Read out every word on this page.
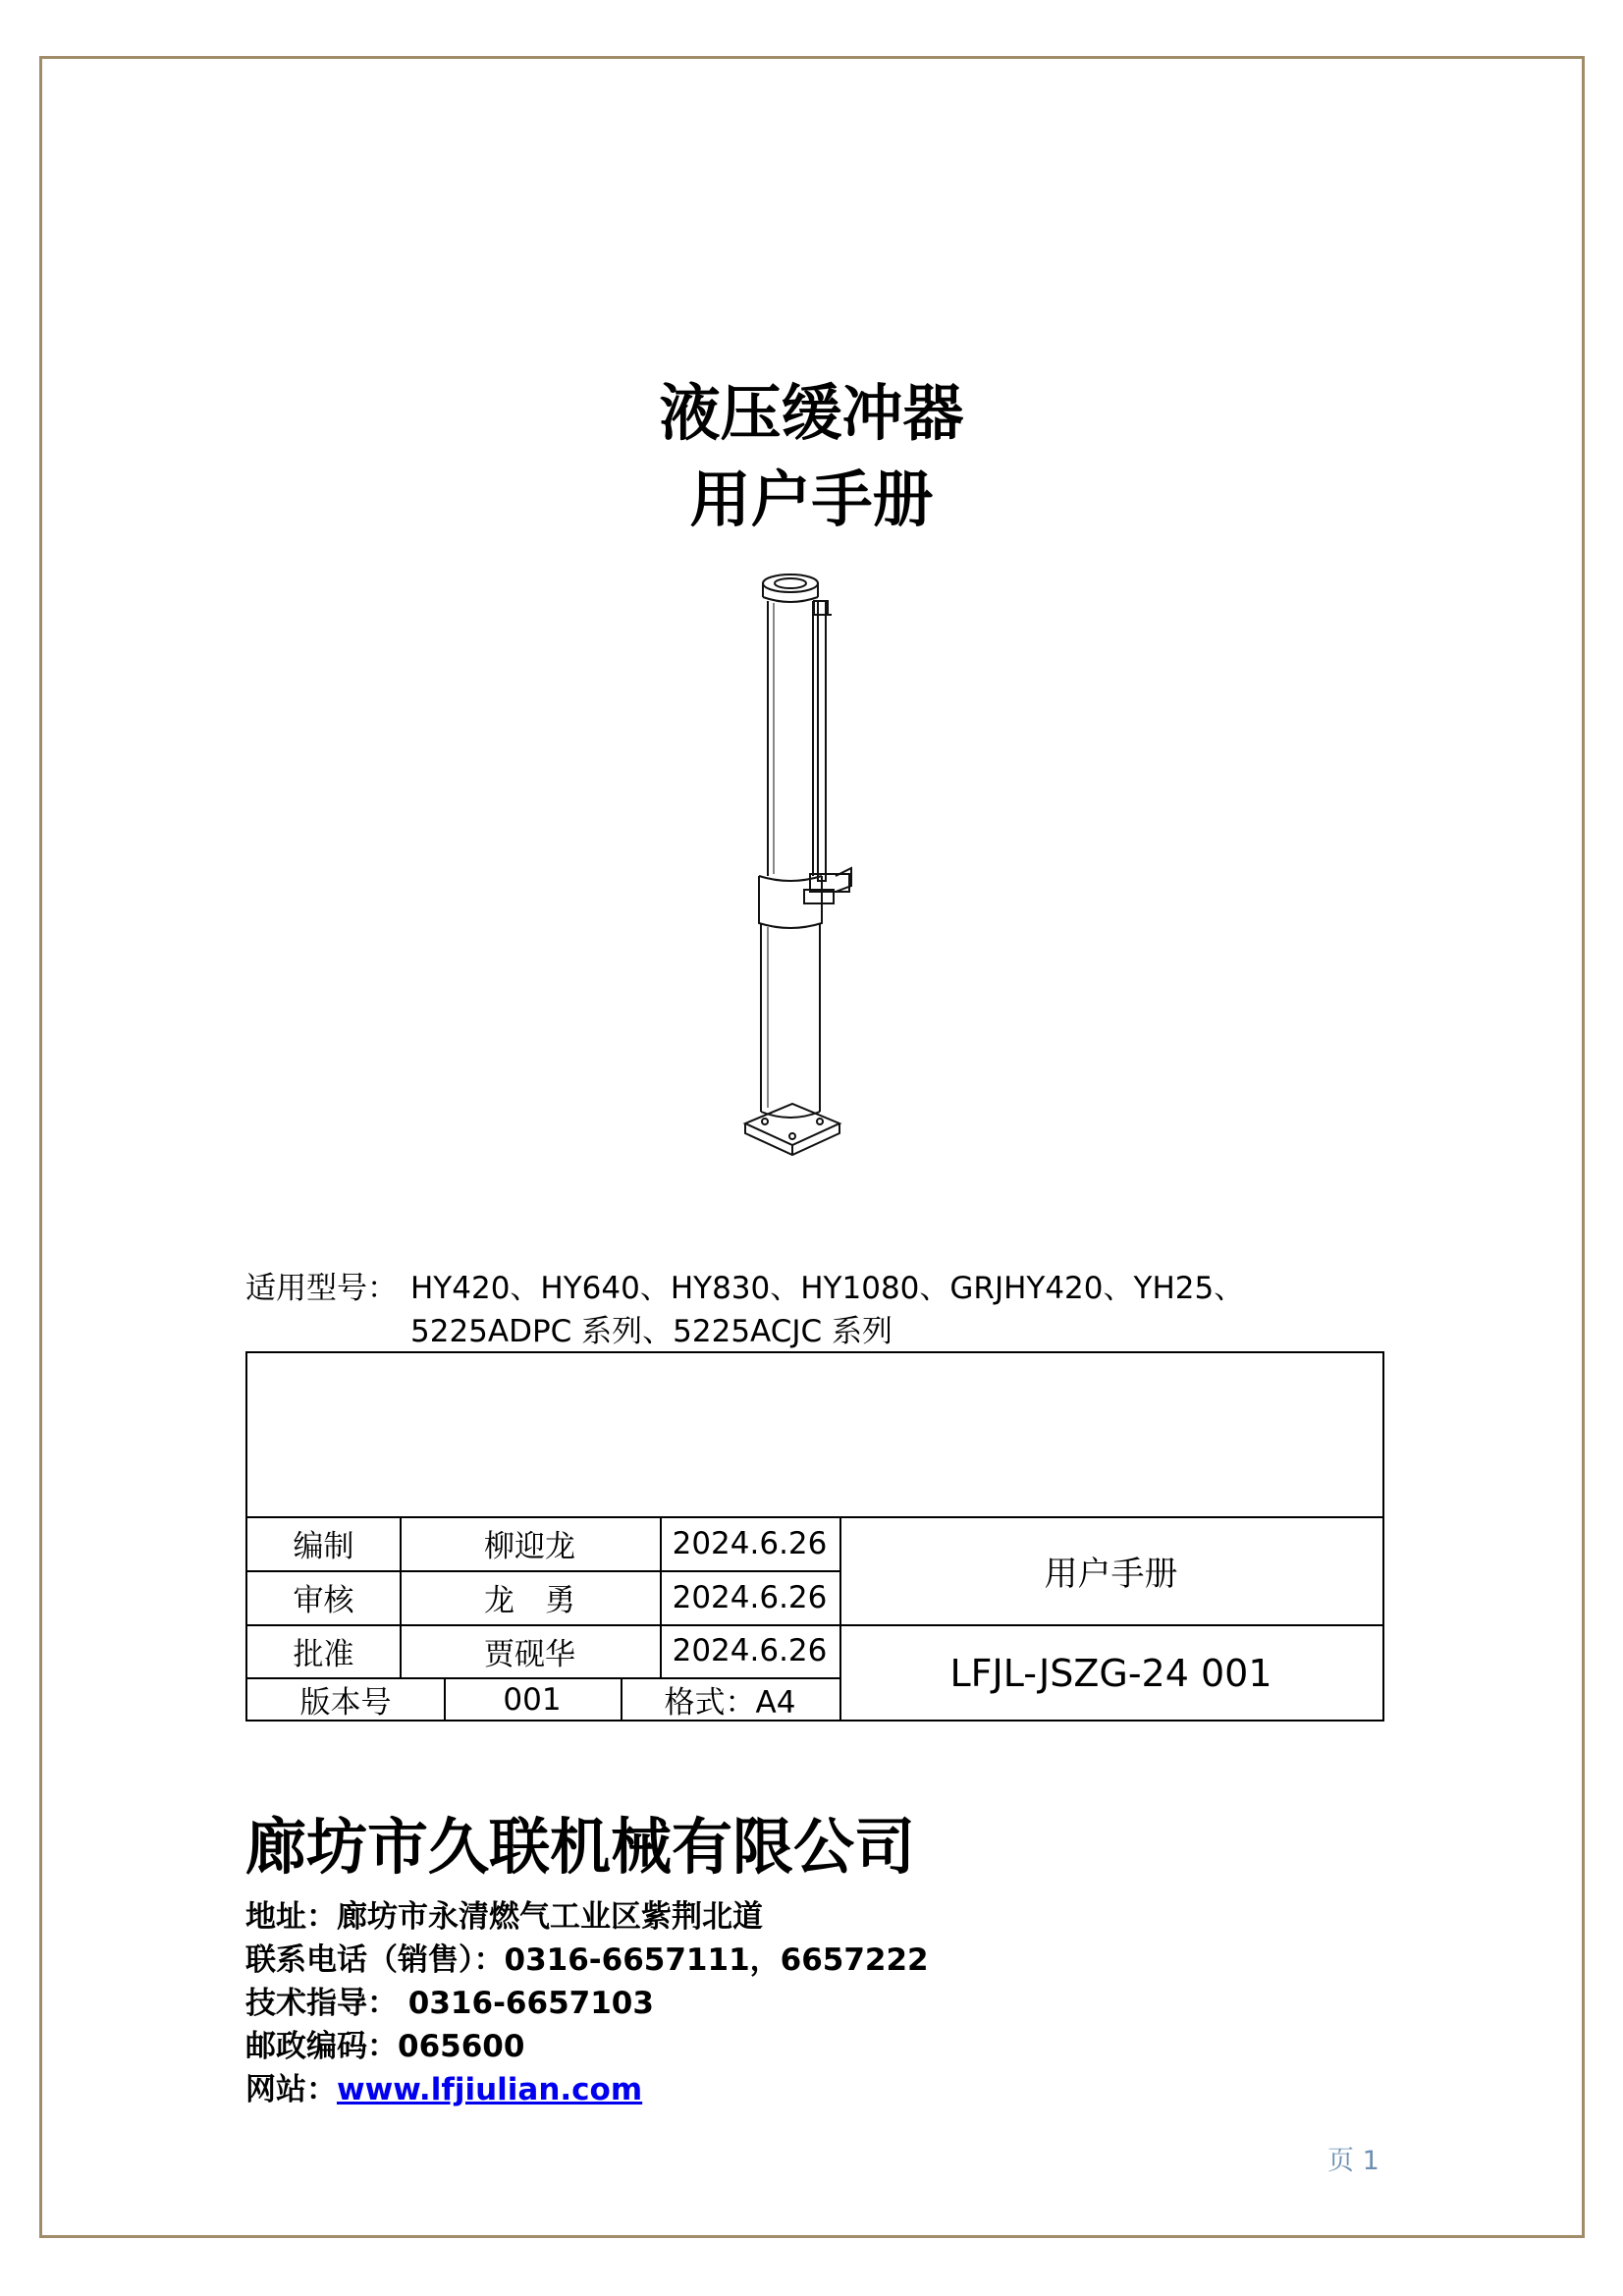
液压缓冲器
用户手册
适用型号： HY420、HY640、HY830、HY1080、GRJHY420、YH25、
5225ADPC 系列、5225ACJC 系列
编制	柳迎龙	2024.6.26
审核	龙　勇	2024.6.26
批准	贾砚华	2024.6.26
版本号	001	格式：A4
用户手册
LFJL-JSZG-24 001
廊坊市久联机械有限公司
地址：廊坊市永清燃气工业区紫荆北道
联系电话（销售）：0316-6657111，6657222
技术指导： 0316-6657103
邮政编码：065600
网站：www.lfjiulian.com
页 1
